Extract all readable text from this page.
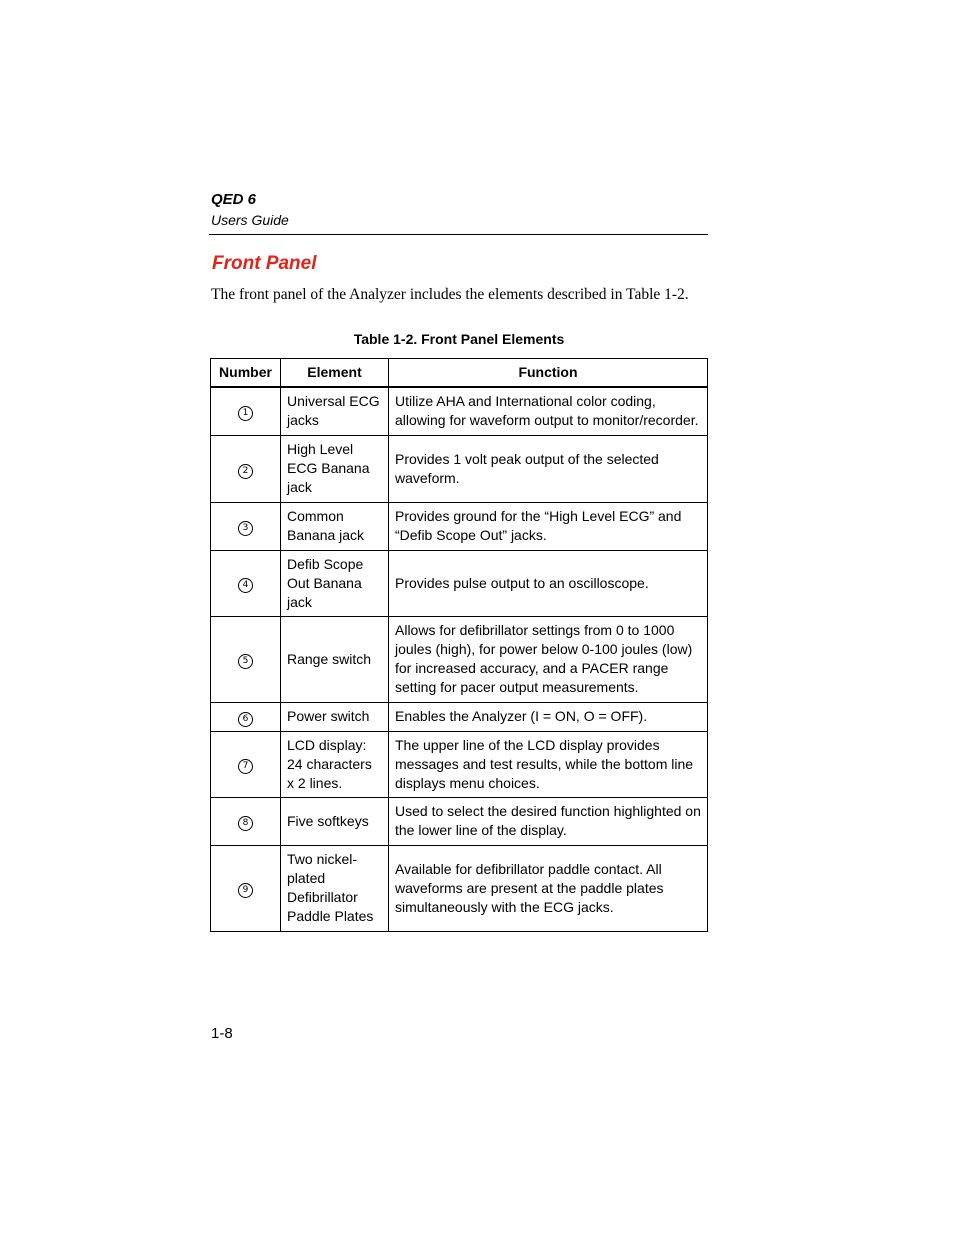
QED 6
Users Guide
Front Panel
The front panel of the Analyzer includes the elements described in Table 1-2.
Table 1-2. Front Panel Elements
Number	Element	Function
1	Universal ECG jacks	Utilize AHA and International color coding, allowing for waveform output to monitor/recorder.
2	High Level ECG Banana jack	Provides 1 volt peak output of the selected waveform.
3	Common Banana jack	Provides ground for the “High Level ECG” and “Defib Scope Out” jacks.
4	Defib Scope Out Banana jack	Provides pulse output to an oscilloscope.
5	Range switch	Allows for defibrillator settings from 0 to 1000 joules (high), for power below 0-100 joules (low) for increased accuracy, and a PACER range setting for pacer output measurements.
6	Power switch	Enables the Analyzer (I = ON, O = OFF).
7	LCD display: 24 characters x 2 lines.	The upper line of the LCD display provides messages and test results, while the bottom line displays menu choices.
8	Five softkeys	Used to select the desired function highlighted on the lower line of the display.
9	Two nickel-plated Defibrillator Paddle Plates	Available for defibrillator paddle contact. All waveforms are present at the paddle plates simultaneously with the ECG jacks.
1-8
